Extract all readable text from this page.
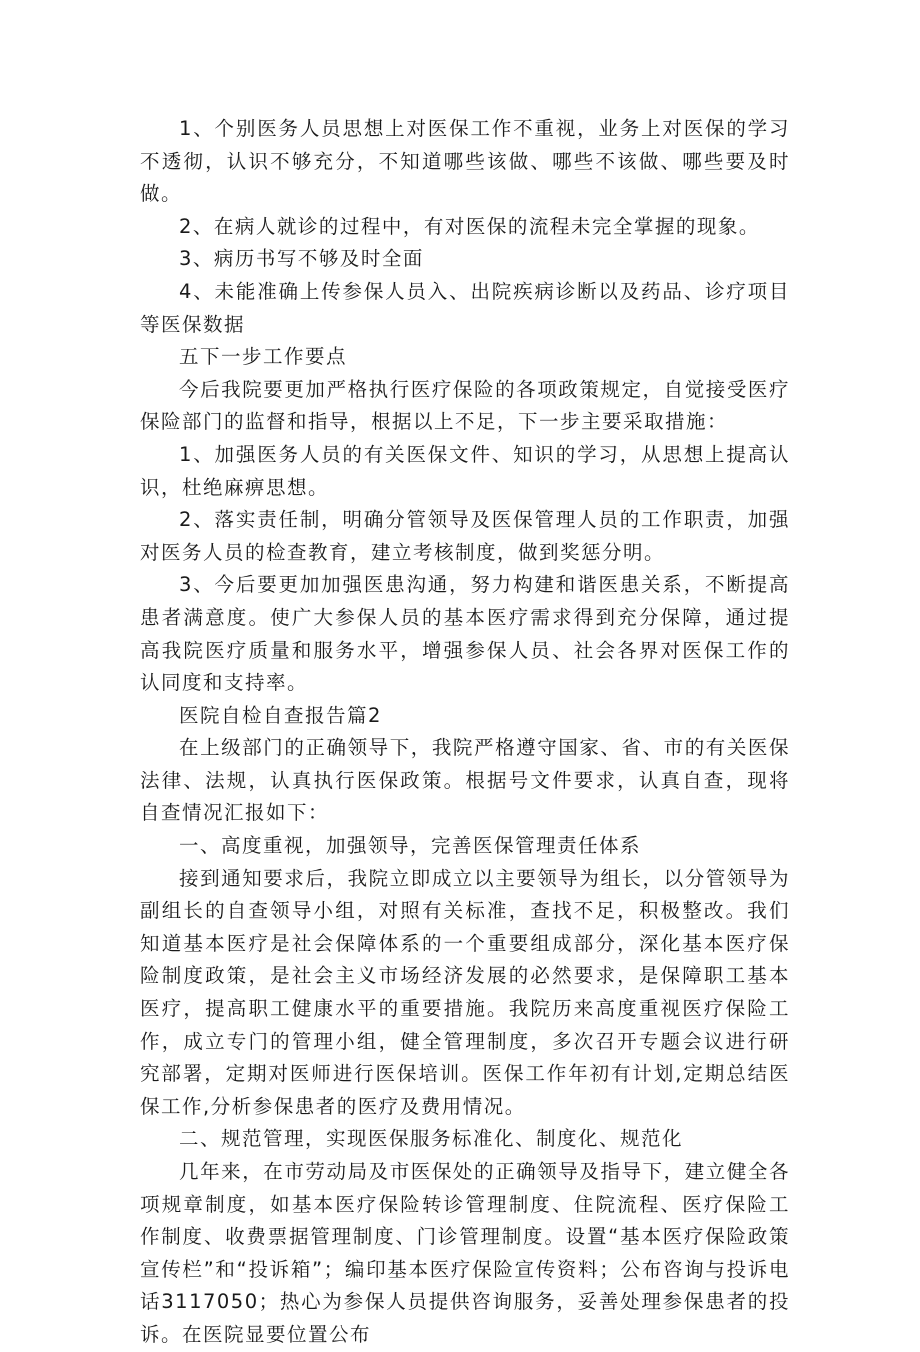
1、个别医务人员思想上对医保工作不重视，业务上对医保的学习不透彻，认识不够充分，不知道哪些该做、哪些不该做、哪些要及时做。

2、在病人就诊的过程中，有对医保的流程未完全掌握的现象。

3、病历书写不够及时全面

4、未能准确上传参保人员入、出院疾病诊断以及药品、诊疗项目等医保数据

五下一步工作要点

今后我院要更加严格执行医疗保险的各项政策规定，自觉接受医疗保险部门的监督和指导，根据以上不足，下一步主要采取措施：

1、加强医务人员的有关医保文件、知识的学习，从思想上提高认识，杜绝麻痹思想。

2、落实责任制，明确分管领导及医保管理人员的工作职责，加强对医务人员的检查教育，建立考核制度，做到奖惩分明。

3、今后要更加加强医患沟通，努力构建和谐医患关系，不断提高患者满意度。使广大参保人员的基本医疗需求得到充分保障，通过提高我院医疗质量和服务水平，增强参保人员、社会各界对医保工作的认同度和支持率。

医院自检自查报告篇2

在上级部门的正确领导下，我院严格遵守国家、省、市的有关医保法律、法规，认真执行医保政策。根据号文件要求，认真自查，现将自查情况汇报如下：

一、高度重视，加强领导，完善医保管理责任体系

接到通知要求后，我院立即成立以主要领导为组长，以分管领导为副组长的自查领导小组，对照有关标准，查找不足，积极整改。我们知道基本医疗是社会保障体系的一个重要组成部分，深化基本医疗保险制度政策，是社会主义市场经济发展的必然要求，是保障职工基本医疗，提高职工健康水平的重要措施。我院历来高度重视医疗保险工作，成立专门的管理小组，健全管理制度，多次召开专题会议进行研究部署，定期对医师进行医保培训。医保工作年初有计划,定期总结医保工作,分析参保患者的医疗及费用情况。

二、规范管理，实现医保服务标准化、制度化、规范化

几年来，在市劳动局及市医保处的正确领导及指导下，建立健全各项规章制度，如基本医疗保险转诊管理制度、住院流程、医疗保险工作制度、收费票据管理制度、门诊管理制度。设置“基本医疗保险政策宣传栏”和“投诉箱”；编印基本医疗保险宣传资料；公布咨询与投诉电话3117050；热心为参保人员提供咨询服务，妥善处理参保患者的投诉。在医院显要位置公布
